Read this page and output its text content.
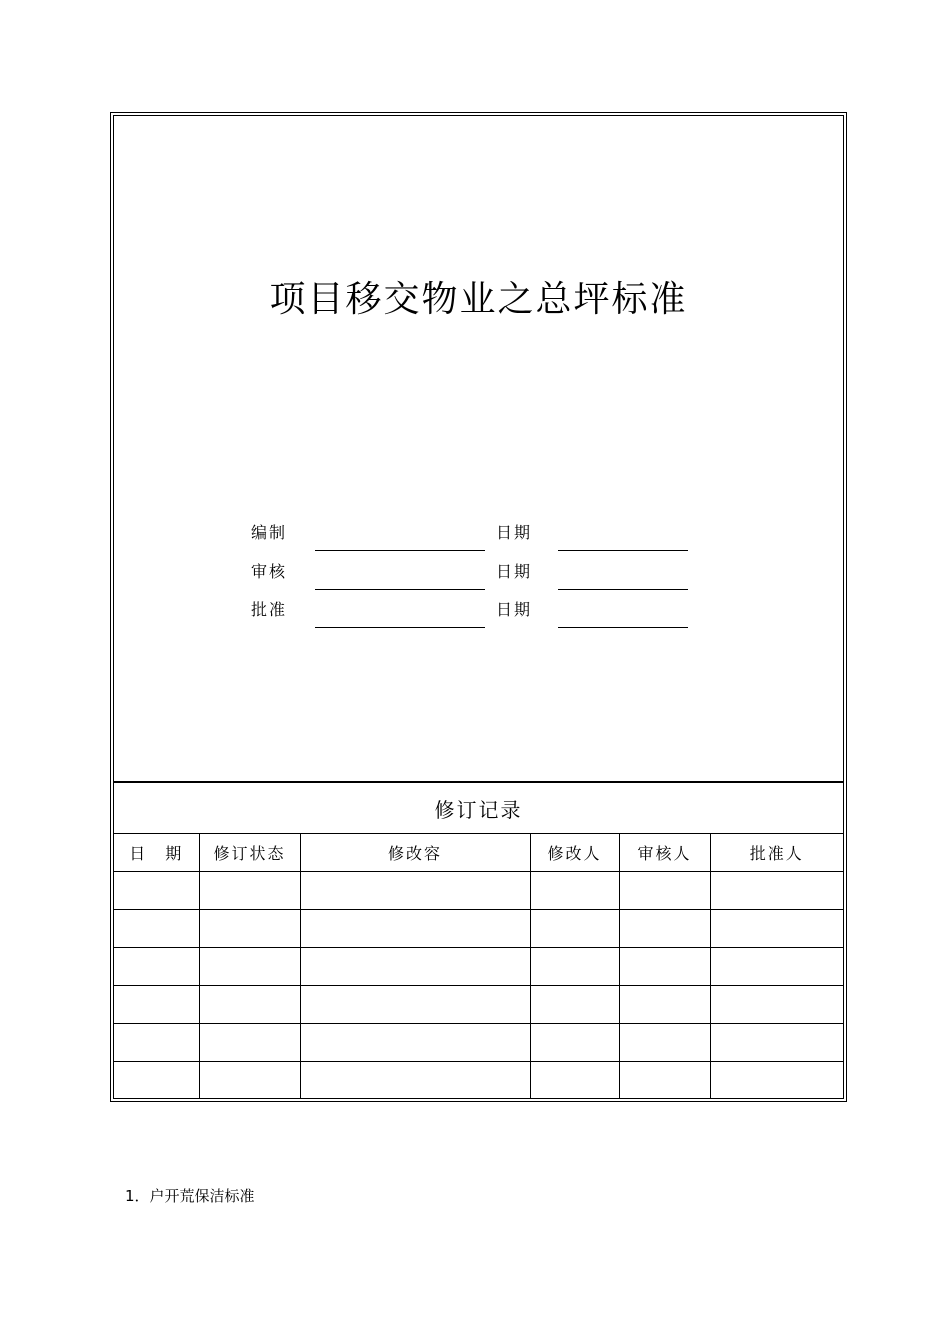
项目移交物业之总坪标准
编制	日期
审核	日期
批准	日期
修订记录					
日　期	修订状态	修改容	修改人	审核人	批准人

1．户开荒保洁标准
